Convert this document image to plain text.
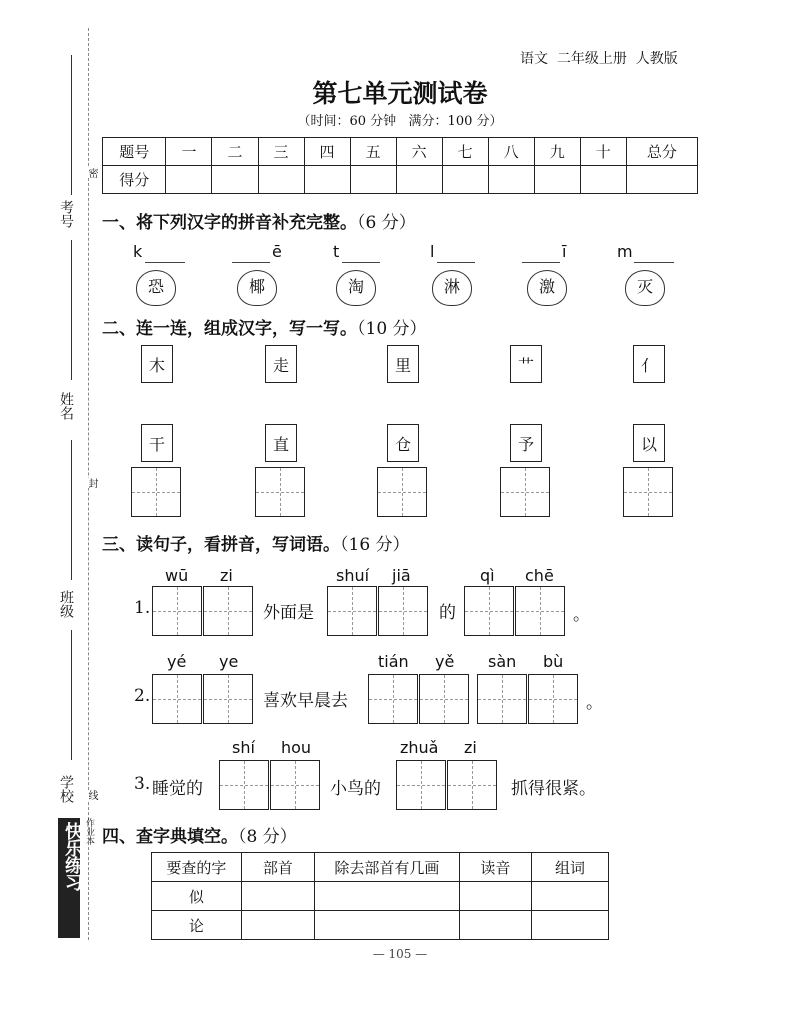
考号
姓名
班级
学校
密
封
线
快乐练习 作业本
语文  二年级上册  人教版
第七单元测试卷
（时间：60 分钟   满分：100 分）
题号	一	二	三	四	五	六	七	八	九	十	总分
得分											
一、将下列汉字的拼音补充完整。（6 分）
k
恐
ē
椰
t
淘
l
淋
ī
激
m
灭
二、连一连，组成汉字，写一写。（10 分）
木	走	里	艹	亻
干	直	仓	予	以
三、读句子，看拼音，写词语。（16 分）
wū zi	shuí jiā	qì chē
1.	外面是	的	。
yé ye	tián yě sàn bù
2.	喜欢早晨去	。
shí hou	zhuǎ zi
3. 睡觉的	小鸟的	抓得很紧。
四、查字典填空。（8 分）
要查的字	部首	除去部首有几画	读音	组词
似				
论				
— 105 —
